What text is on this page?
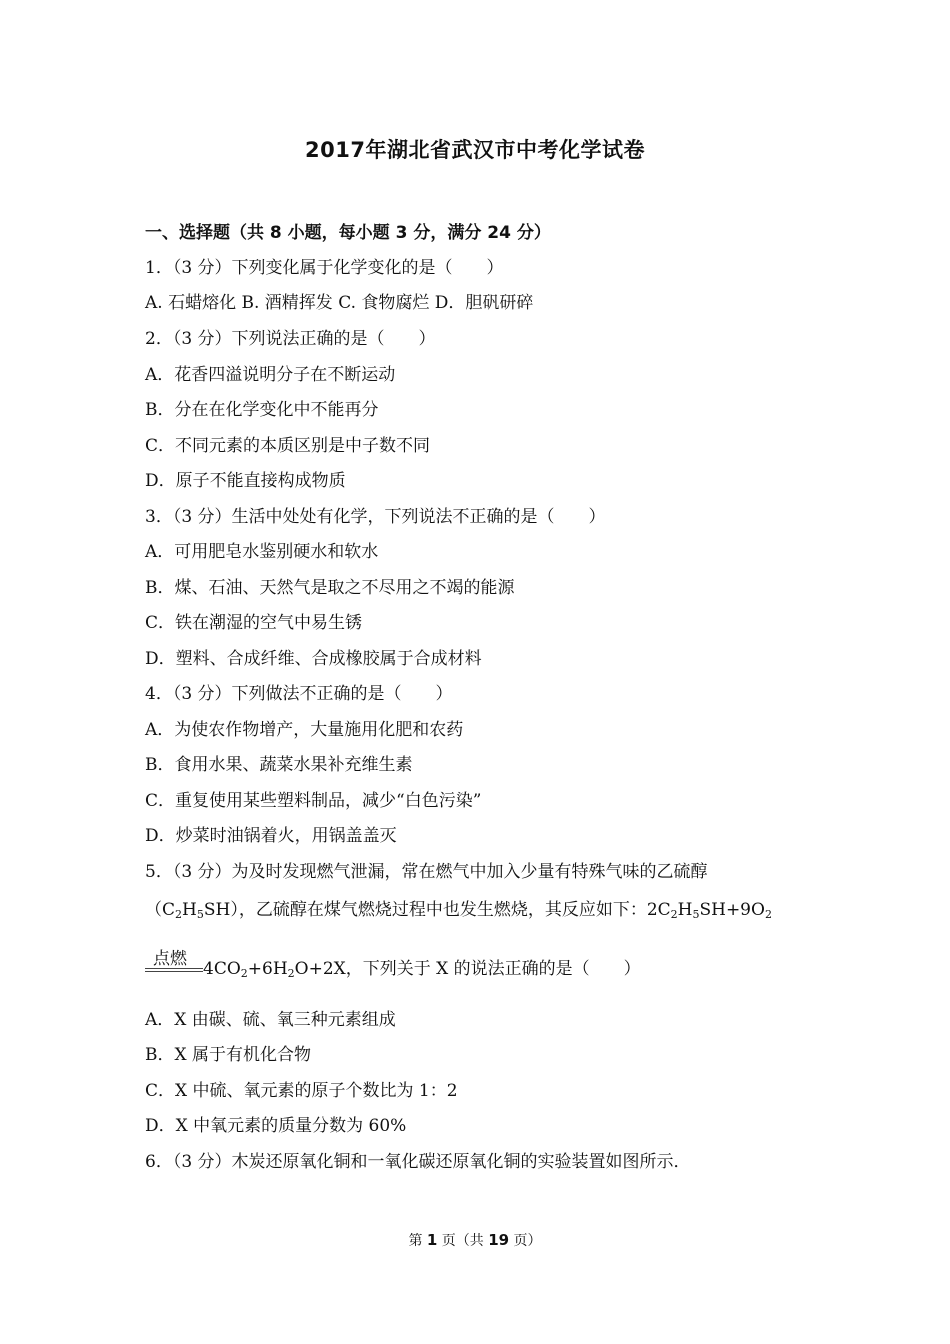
2017年湖北省武汉市中考化学试卷
一、选择题（共 8 小题，每小题 3 分，满分 24 分）
1．（3 分）下列变化属于化学变化的是（　　）
A. 石蜡熔化 B. 酒精挥发 C. 食物腐烂 D．胆矾研碎
2．（3 分）下列说法正确的是（　　）
A．花香四溢说明分子在不断运动
B．分在在化学变化中不能再分
C．不同元素的本质区别是中子数不同
D．原子不能直接构成物质
3．（3 分）生活中处处有化学，下列说法不正确的是（　　）
A．可用肥皂水鉴别硬水和软水
B．煤、石油、天然气是取之不尽用之不竭的能源
C．铁在潮湿的空气中易生锈
D．塑料、合成纤维、合成橡胶属于合成材料
4．（3 分）下列做法不正确的是（　　）
A．为使农作物增产，大量施用化肥和农药
B．食用水果、蔬菜水果补充维生素
C．重复使用某些塑料制品，减少“白色污染”
D．炒菜时油锅着火，用锅盖盖灭
5．（3 分）为及时发现燃气泄漏，常在燃气中加入少量有特殊气味的乙硫醇
$(C_2H_5SH)$，乙硫醇在煤气燃烧过程中也发生燃烧，其反应如下：$2C_2H_5SH+9O_2$
点燃 $4CO_2+6H_2O+2X$，下列关于 X 的说法正确的是（　　）
A．X 由碳、硫、氧三种元素组成
B．X 属于有机化合物
C．X 中硫、氧元素的原子个数比为 1：2
D．X 中氧元素的质量分数为 60%
6．（3 分）木炭还原氧化铜和一氧化碳还原氧化铜的实验装置如图所示．
第 1 页（共 19 页）
